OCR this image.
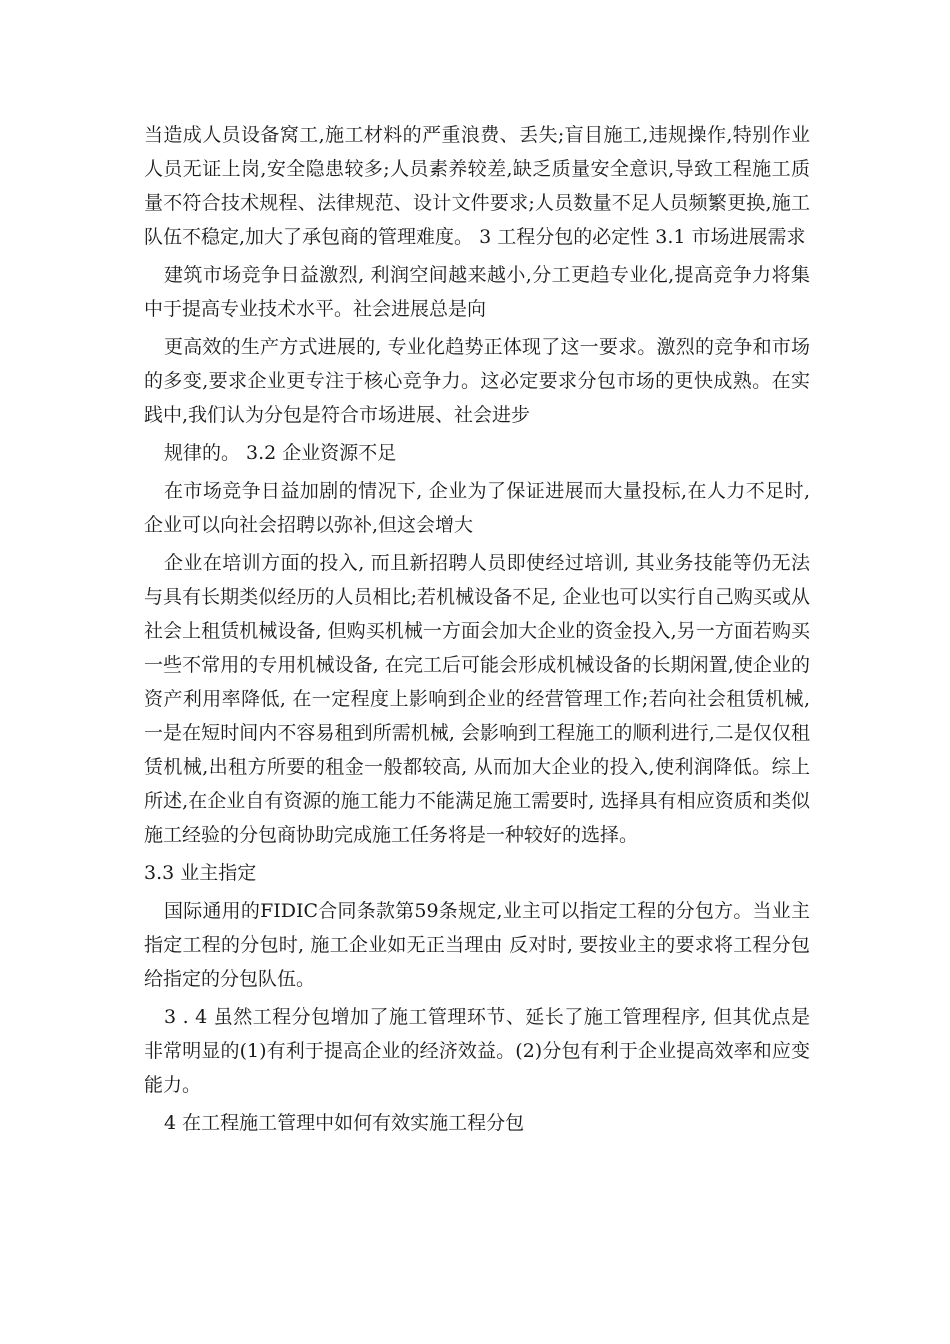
当造成人员设备窝工,施工材料的严重浪费、丢失;盲目施工,违规操作,特别作业人员无证上岗,安全隐患较多;人员素养较差,缺乏质量安全意识,导致工程施工质量不符合技术规程、法律规范、设计文件要求;人员数量不足人员频繁更换,施工队伍不稳定,加大了承包商的管理难度。 3 工程分包的必定性 3.1 市场进展需求

建筑市场竞争日益激烈, 利润空间越来越小,分工更趋专业化,提高竞争力将集中于提高专业技术水平。社会进展总是向

更高效的生产方式进展的, 专业化趋势正体现了这一要求。激烈的竞争和市场的多变,要求企业更专注于核心竞争力。这必定要求分包市场的更快成熟。在实践中,我们认为分包是符合市场进展、社会进步

规律的。 3.2 企业资源不足

在市场竞争日益加剧的情况下, 企业为了保证进展而大量投标,在人力不足时,企业可以向社会招聘以弥补,但这会增大

企业在培训方面的投入, 而且新招聘人员即使经过培训, 其业务技能等仍无法与具有长期类似经历的人员相比;若机械设备不足, 企业也可以实行自己购买或从社会上租赁机械设备, 但购买机械一方面会加大企业的资金投入,另一方面若购买一些不常用的专用机械设备, 在完工后可能会形成机械设备的长期闲置,使企业的资产利用率降低, 在一定程度上影响到企业的经营管理工作;若向社会租赁机械,一是在短时间内不容易租到所需机械, 会影响到工程施工的顺利进行,二是仅仅租赁机械,出租方所要的租金一般都较高, 从而加大企业的投入,使利润降低。综上所述,在企业自有资源的施工能力不能满足施工需要时, 选择具有相应资质和类似施工经验的分包商协助完成施工任务将是一种较好的选择。

3.3 业主指定

国际通用的FIDIC合同条款第59条规定,业主可以指定工程的分包方。当业主指定工程的分包时, 施工企业如无正当理由 反对时, 要按业主的要求将工程分包给指定的分包队伍。

3 . 4 虽然工程分包增加了施工管理环节、延长了施工管理程序, 但其优点是非常明显的(1)有利于提高企业的经济效益。(2)分包有利于企业提高效率和应变能力。

4 在工程施工管理中如何有效实施工程分包
